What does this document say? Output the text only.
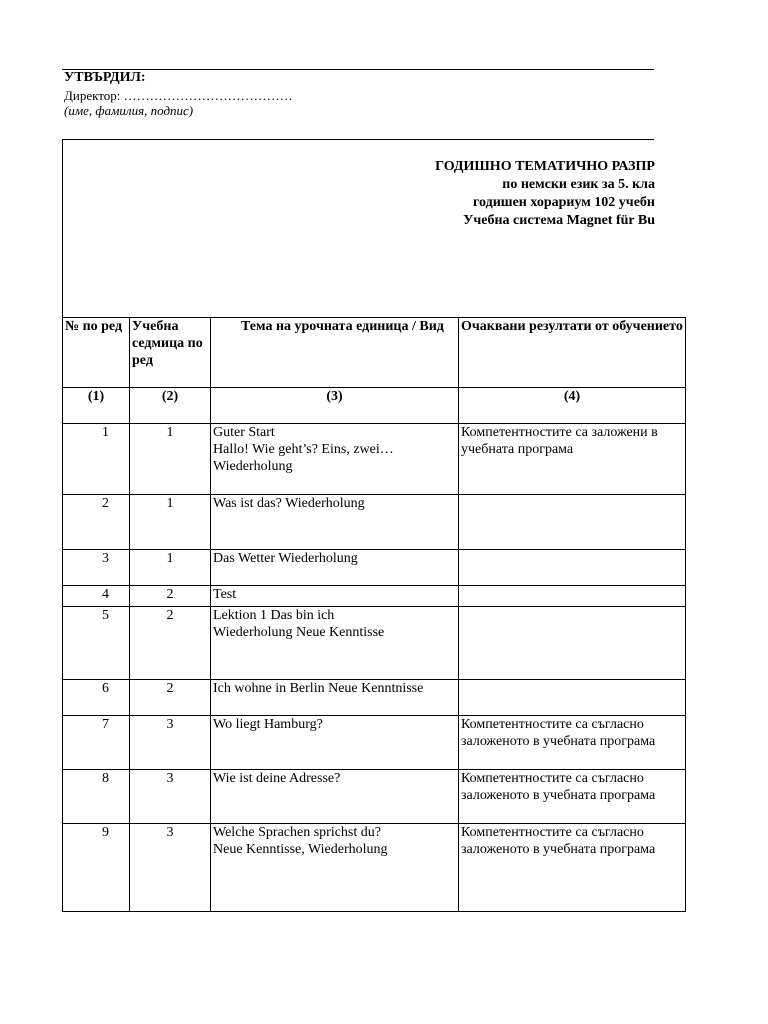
УТВЪРДИЛ:
Директор: …………………………………
(име, фамилия, подпис)
ГОДИШНО ТЕМАТИЧНО РАЗПР
по немски език за 5. кла
годишен хорариум 102 учебн
Учебна система Magnet für Bu
№ по ред	Учебна седмица по ред	Тема на урочната единица / Вид	Очаквани резултати от обучението
(1)	(2)	(3)	(4)
1	1	Guter Start
Hallo! Wie geht’s? Eins, zwei…
Wiederholung	Компетентностите са заложени в учебната програма
2	1	Was ist das? Wiederholung	

3	1	Das Wetter Wiederholung	

4	2	Test	

5	2	Lektion 1 Das bin ich
Wiederholung Neue Kenntisse	

6	2	Ich wohne in Berlin Neue Kenntnisse	

7	3	Wo liegt Hamburg?	Компетентностите са съгласно заложеното в учебната програма
8	3	Wie ist deine Adresse?	Компетентностите са съгласно заложеното в учебната програма
9	3	Welche Sprachen sprichst du?
Neue Kenntisse, Wiederholung	Компетентностите са съгласно заложеното в учебната програма
